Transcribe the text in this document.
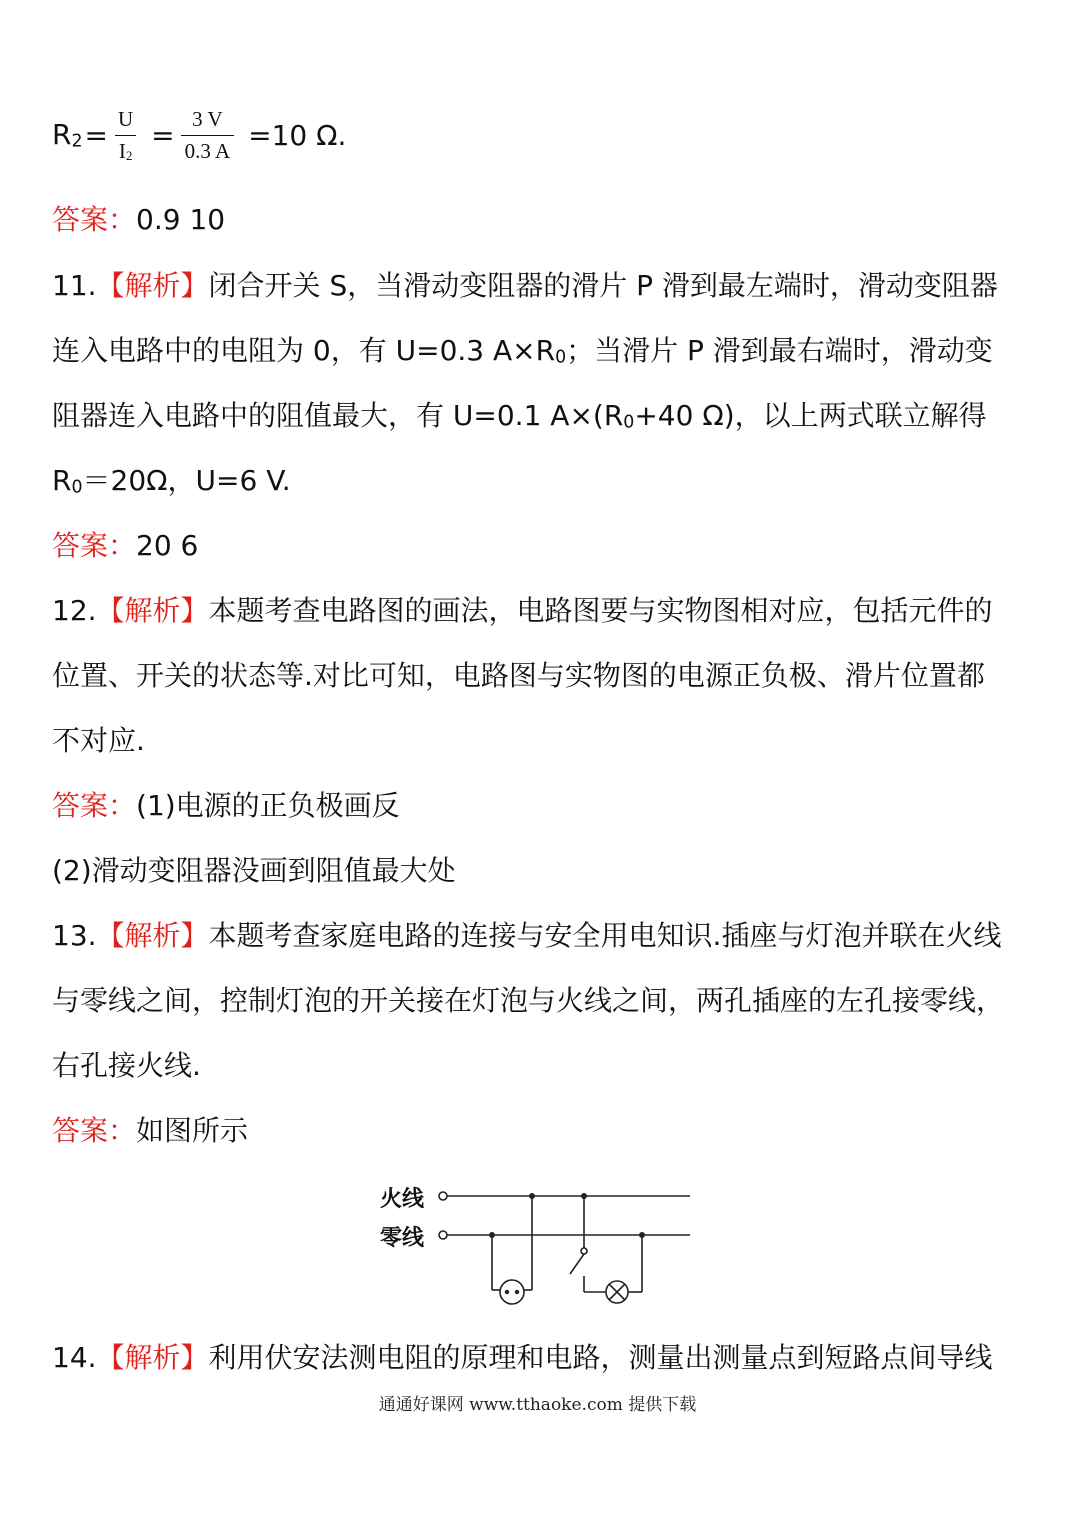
$R_2 = \frac{U}{I_2} = \frac{3 V}{0.3 A} =10$ Ω.
答案：0.9 10
11.【解析】闭合开关 S，当滑动变阻器的滑片 P 滑到最左端时，滑动变阻器
连入电路中的电阻为 0，有 U=0.3 $A\times R_0$；当滑片 P 滑到最右端时，滑动变
阻器连入电路中的阻值最大，有 U=0.1 $A\times(R_0+40$ Ω)，以上两式联立解得
$R_0=20\Omega$，U=6 V.
答案：20 6
12.【解析】本题考查电路图的画法，电路图要与实物图相对应，包括元件的
位置、开关的状态等.对比可知，电路图与实物图的电源正负极、滑片位置都
不对应.
答案：(1)电源的正负极画反
(2)滑动变阻器没画到阻值最大处
13.【解析】本题考查家庭电路的连接与安全用电知识.插座与灯泡并联在火线
与零线之间，控制灯泡的开关接在灯泡与火线之间，两孔插座的左孔接零线，
右孔接火线.
答案：如图所示
火线
零线
14.【解析】利用伏安法测电阻的原理和电路，测量出测量点到短路点间导线
通通好课网 www.tthaoke.com 提供下载
